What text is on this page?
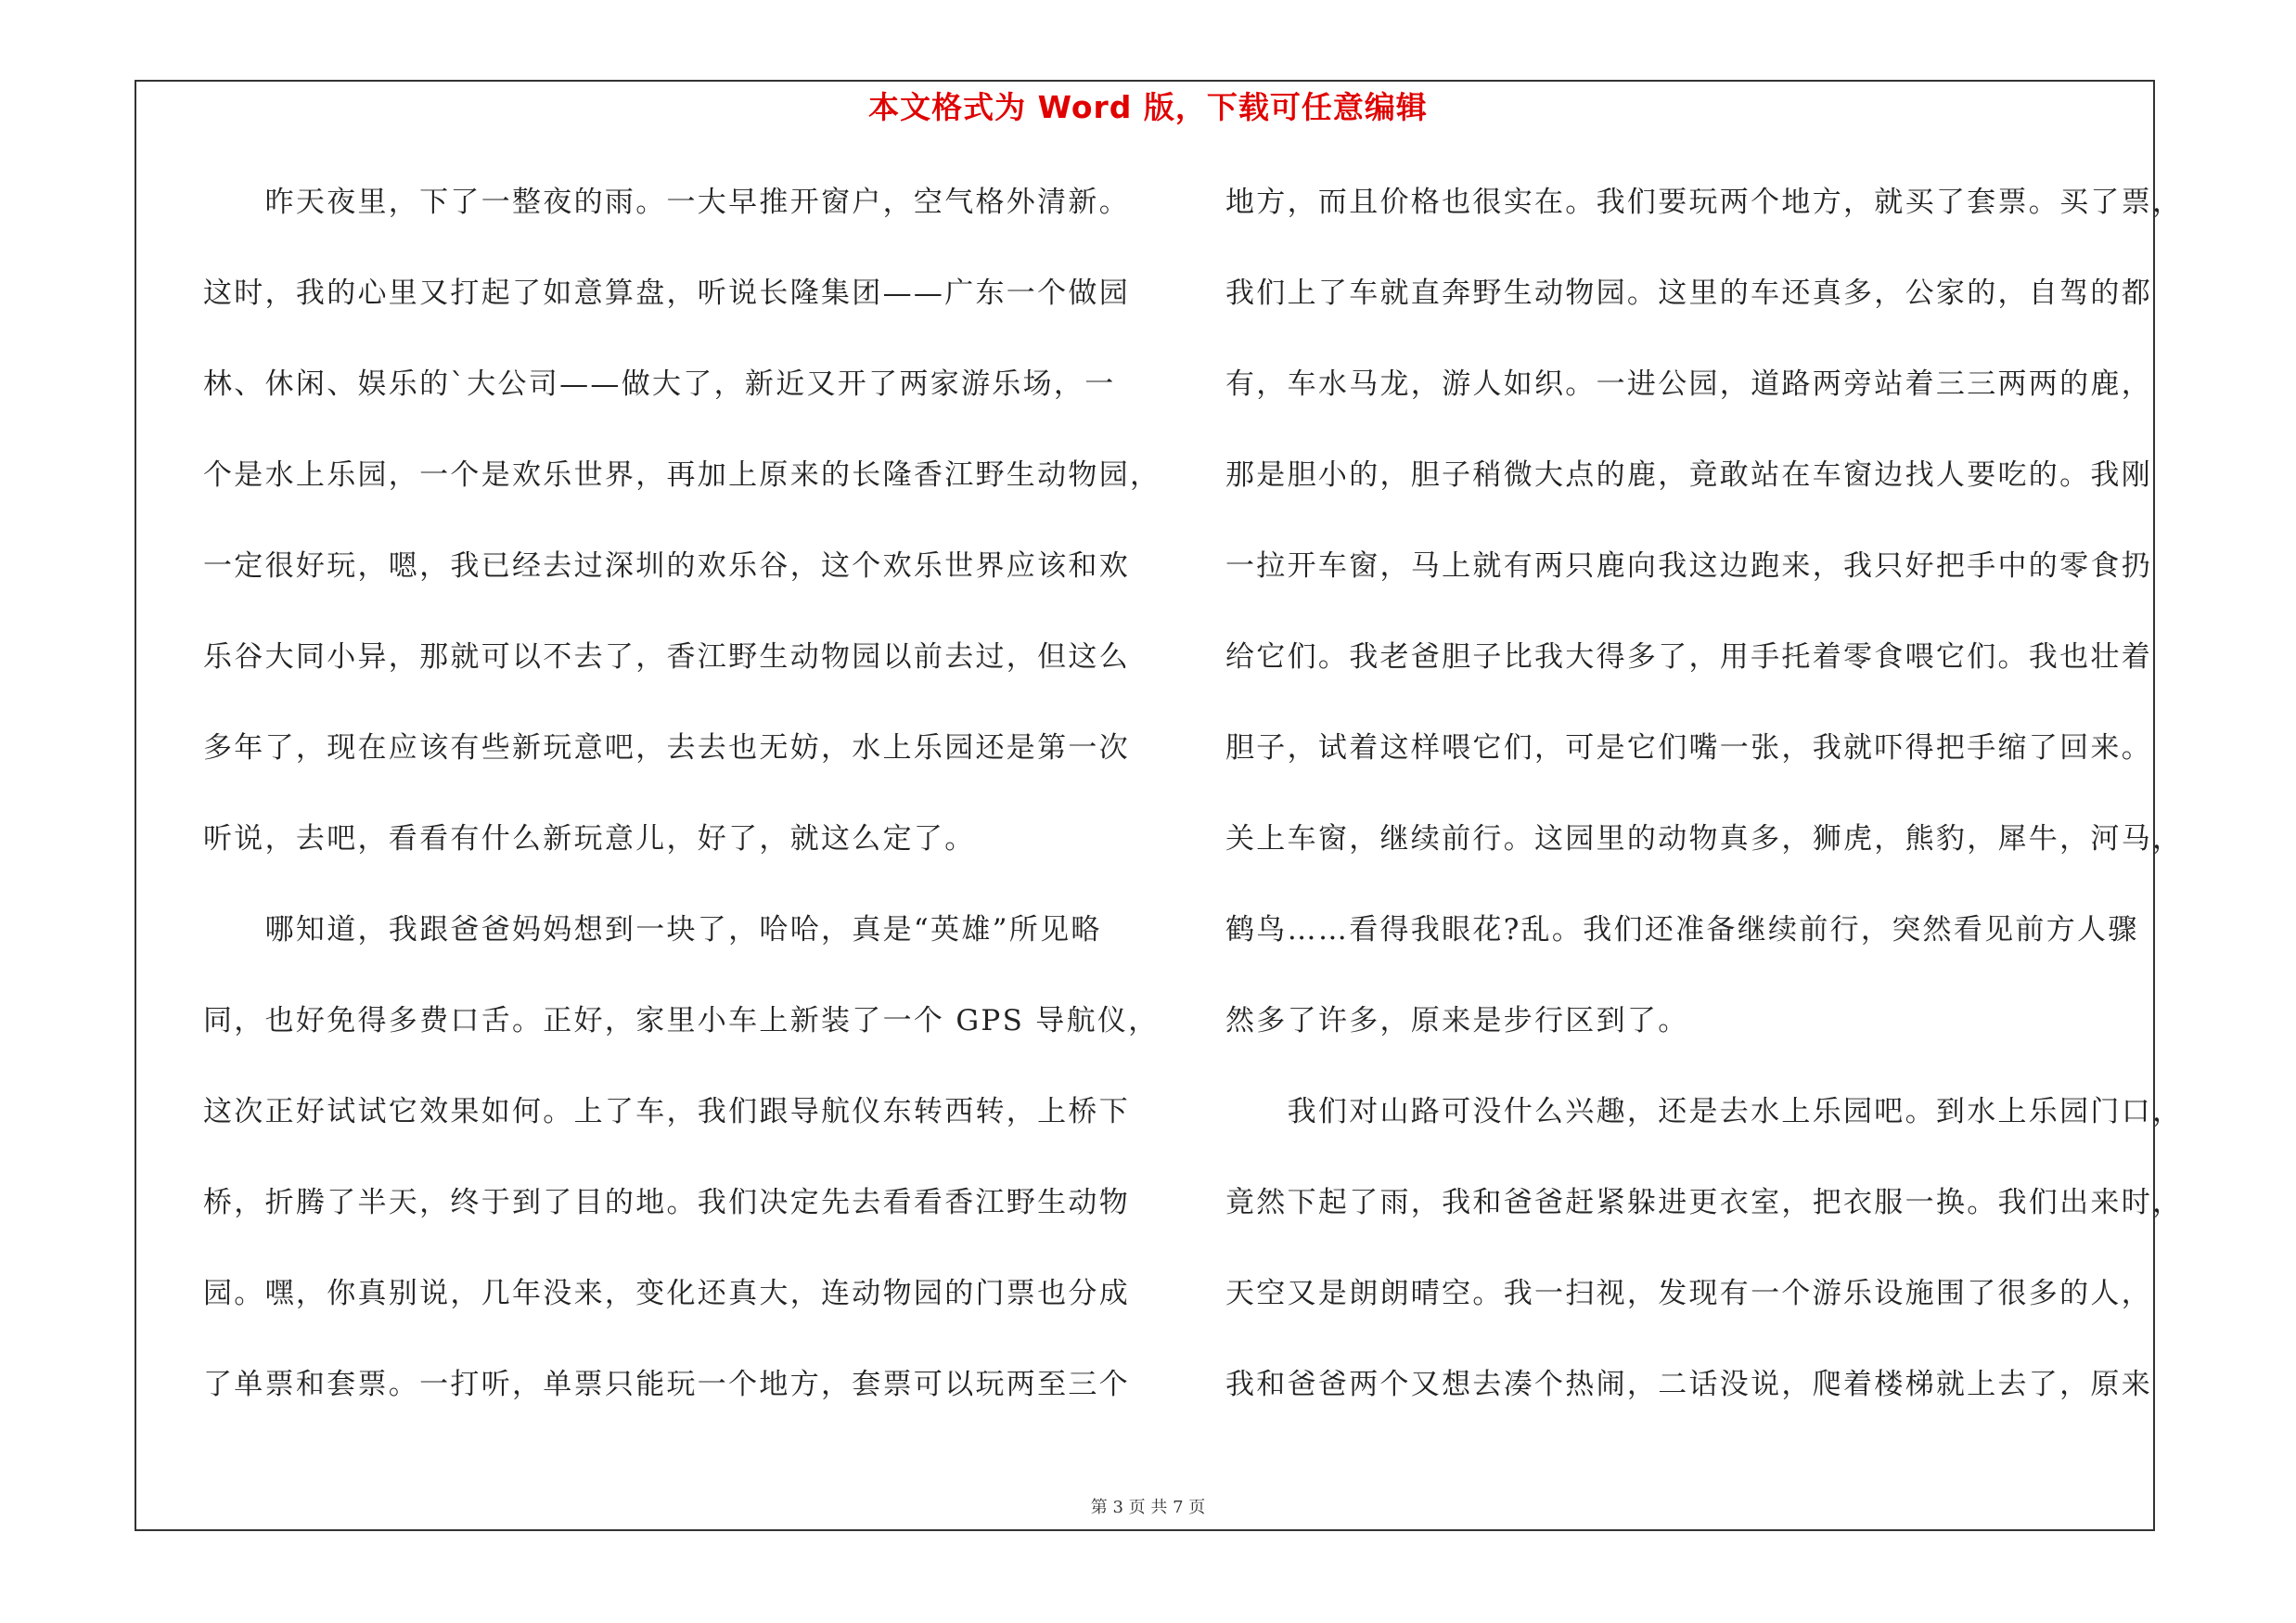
本文格式为 Word 版，下载可任意编辑
　　昨天夜里，下了一整夜的雨。一大早推开窗户，空气格外清新。
这时，我的心里又打起了如意算盘，听说长隆集团——广东一个做园
林、休闲、娱乐的`大公司——做大了，新近又开了两家游乐场，一
个是水上乐园，一个是欢乐世界，再加上原来的长隆香江野生动物园，
一定很好玩，嗯，我已经去过深圳的欢乐谷，这个欢乐世界应该和欢
乐谷大同小异，那就可以不去了，香江野生动物园以前去过，但这么
多年了，现在应该有些新玩意吧，去去也无妨，水上乐园还是第一次
听说，去吧，看看有什么新玩意儿，好了，就这么定了。
　　哪知道，我跟爸爸妈妈想到一块了，哈哈，真是“英雄”所见略
同，也好免得多费口舌。正好，家里小车上新装了一个 GPS 导航仪，
这次正好试试它效果如何。上了车，我们跟导航仪东转西转，上桥下
桥，折腾了半天，终于到了目的地。我们决定先去看看香江野生动物
园。嘿，你真别说，几年没来，变化还真大，连动物园的门票也分成
了单票和套票。一打听，单票只能玩一个地方，套票可以玩两至三个
地方，而且价格也很实在。我们要玩两个地方，就买了套票。买了票，
我们上了车就直奔野生动物园。这里的车还真多，公家的，自驾的都
有，车水马龙，游人如织。一进公园，道路两旁站着三三两两的鹿，
那是胆小的，胆子稍微大点的鹿，竟敢站在车窗边找人要吃的。我刚
一拉开车窗，马上就有两只鹿向我这边跑来，我只好把手中的零食扔
给它们。我老爸胆子比我大得多了，用手托着零食喂它们。我也壮着
胆子，试着这样喂它们，可是它们嘴一张，我就吓得把手缩了回来。
关上车窗，继续前行。这园里的动物真多，狮虎，熊豹，犀牛，河马，
鹤鸟……看得我眼花?乱。我们还准备继续前行，突然看见前方人骤
然多了许多，原来是步行区到了。
　　我们对山路可没什么兴趣，还是去水上乐园吧。到水上乐园门口，
竟然下起了雨，我和爸爸赶紧躲进更衣室，把衣服一换。我们出来时，
天空又是朗朗晴空。我一扫视，发现有一个游乐设施围了很多的人，
我和爸爸两个又想去凑个热闹，二话没说，爬着楼梯就上去了，原来
第 3 页 共 7 页
